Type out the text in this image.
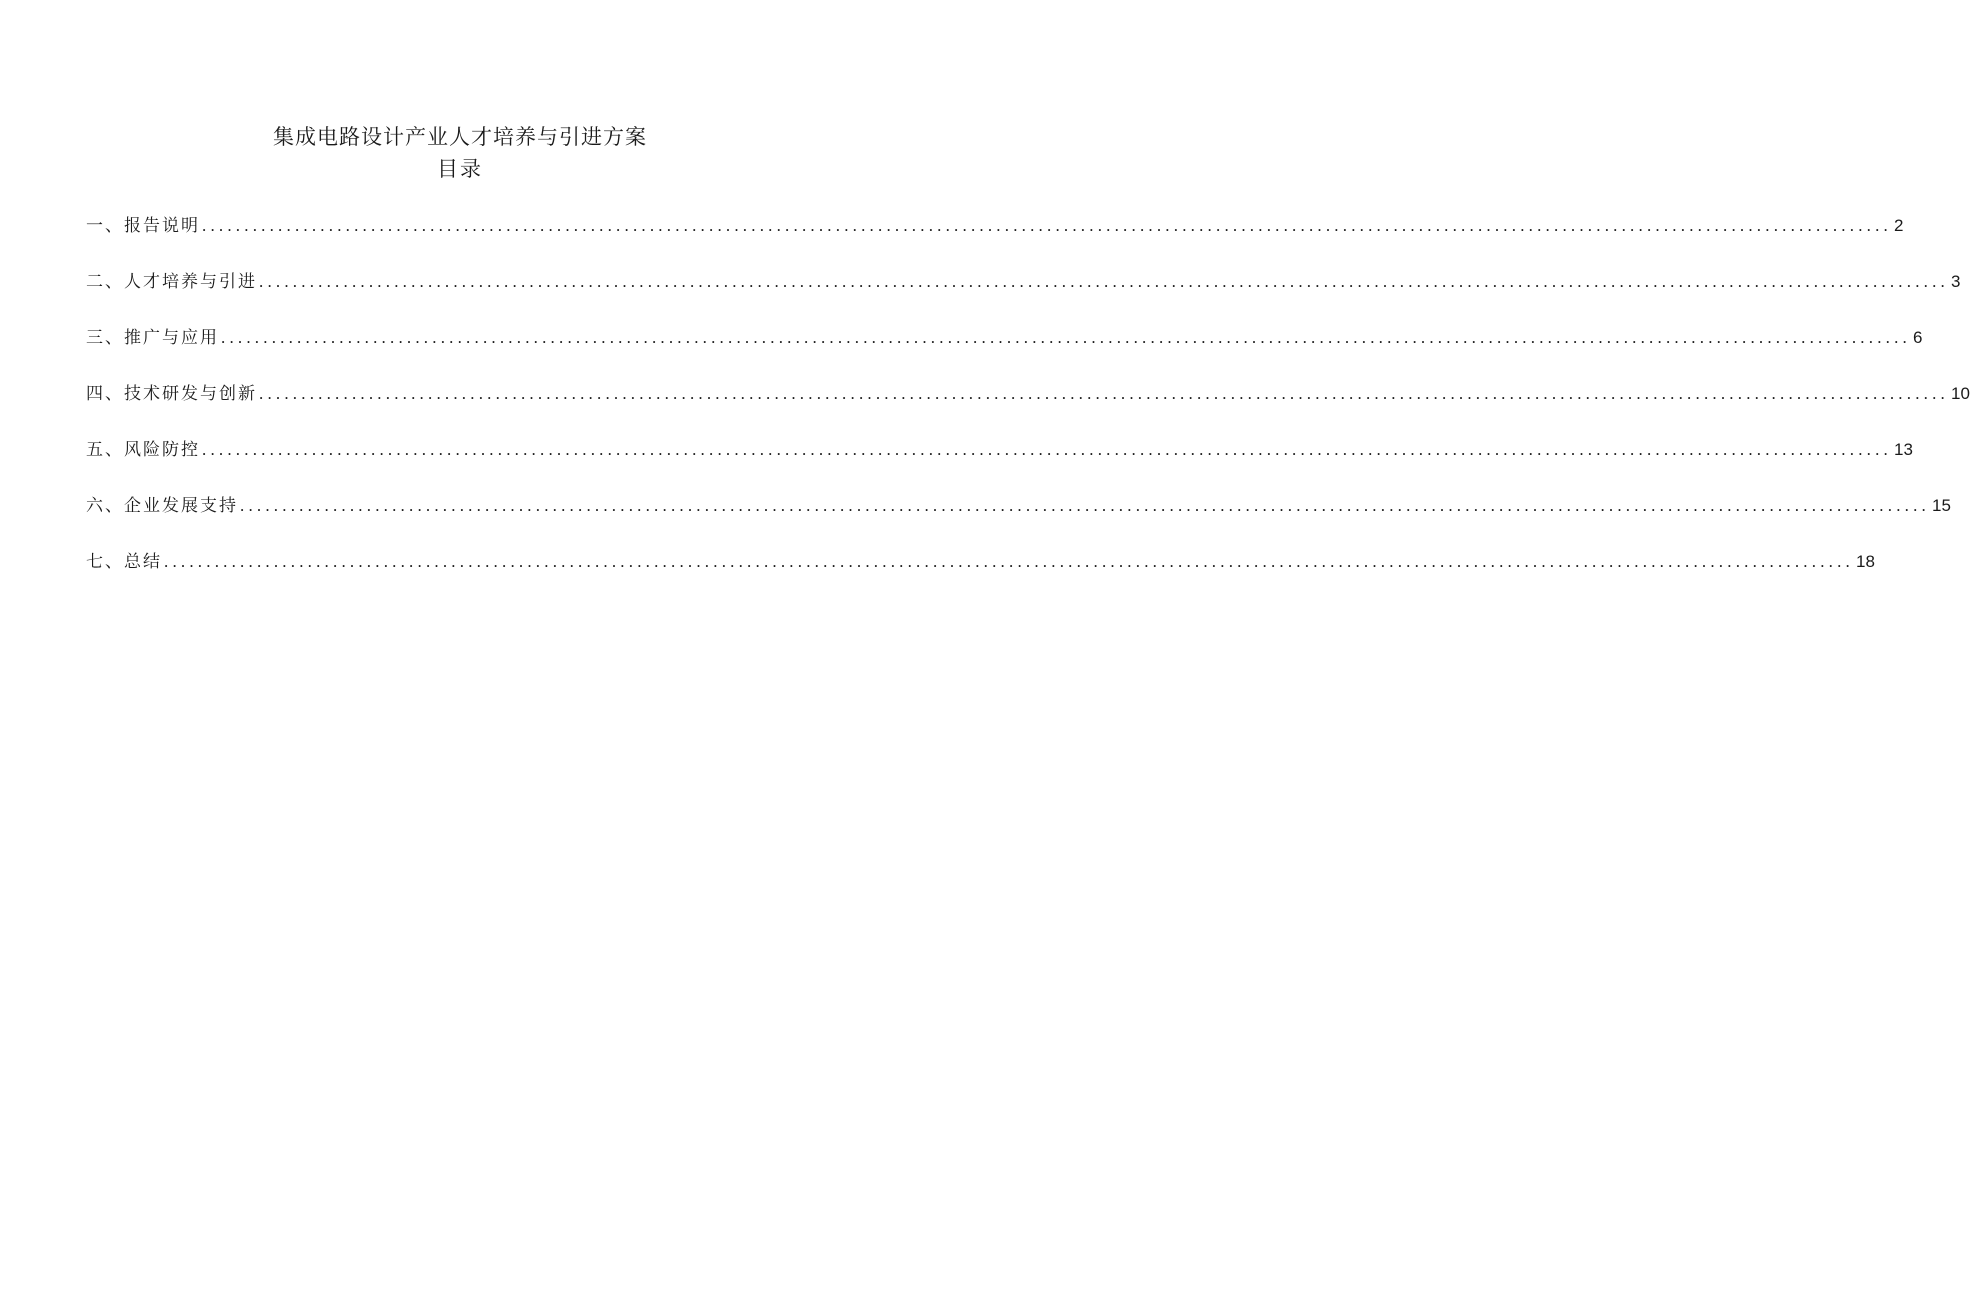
集成电路设计产业人才培养与引进方案
目录
一、报告说明 ........................................................................................................................................................................................................ 2
二、人才培养与引进 ........................................................................................................................................................................................................ 3
三、推广与应用 ........................................................................................................................................................................................................ 6
四、技术研发与创新 ........................................................................................................................................................................................................ 10
五、风险防控 ........................................................................................................................................................................................................ 13
六、企业发展支持 ........................................................................................................................................................................................................ 15
七、总结 ........................................................................................................................................................................................................ 18
